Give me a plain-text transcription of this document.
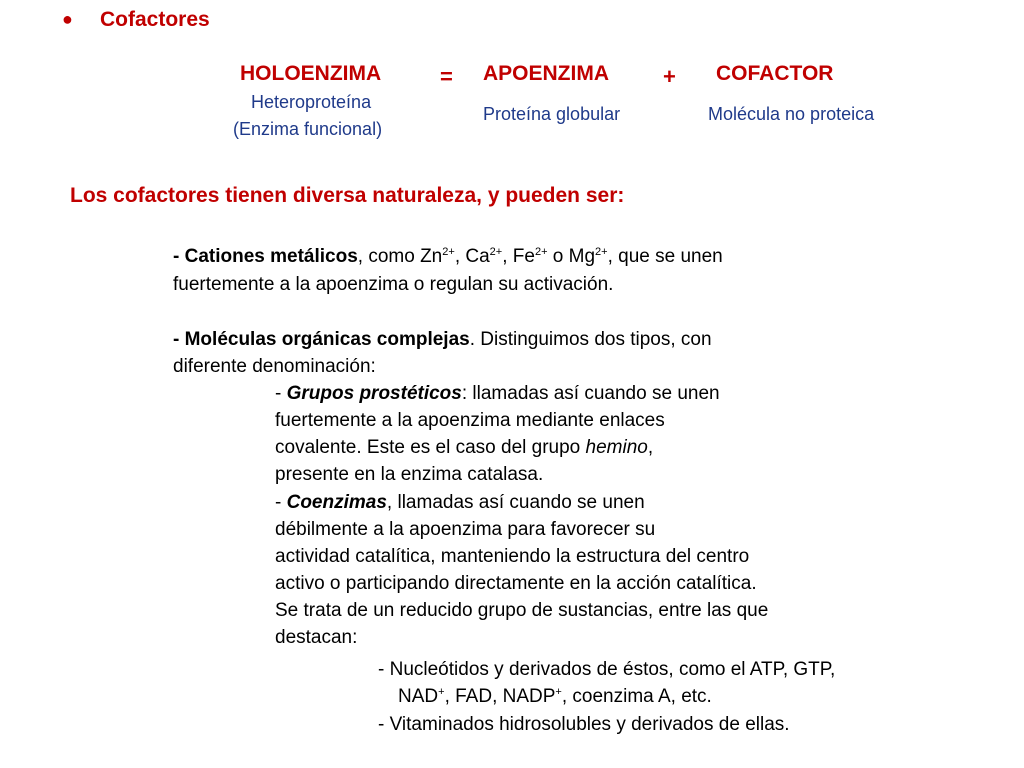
● Cofactores
HOLOENZIMA	= APOENZIMA + COFACTOR
Heteroproteína
(Enzima funcional)
Proteína globular	Molécula no proteica
Los cofactores tienen diversa naturaleza, y pueden ser:
- Cationes metálicos, como $Zn^{2+}$, $Ca^{2+}$, $Fe^{2+}$ o $Mg^{2+}$, que se unen
fuertemente a la apoenzima o regulan su activación.
- Moléculas orgánicas complejas. Distinguimos dos tipos, con
diferente denominación:
- Grupos prostéticos: llamadas así cuando se unen
fuertemente a la apoenzima mediante enlaces
covalente. Este es el caso del grupo hemino,
presente en la enzima catalasa.
- Coenzimas, llamadas así cuando se unen
débilmente a la apoenzima para favorecer su
actividad catalítica, manteniendo la estructura del centro
activo o participando directamente en la acción catalítica.
Se trata de un reducido grupo de sustancias, entre las que
destacan:
- Nucleótidos y derivados de éstos, como el ATP, GTP,
NAD+, FAD, NADP+, coenzima A, etc.
- Vitaminados hidrosolubles y derivados de ellas.
